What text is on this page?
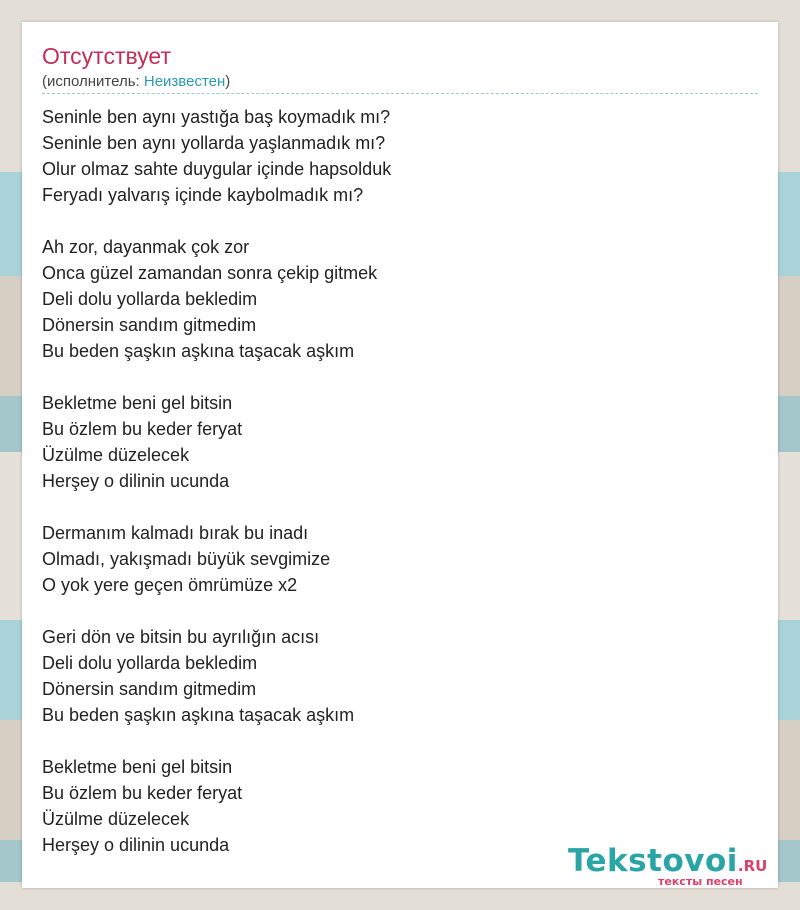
Отсутствует
(исполнитель: Неизвестен)
Seninle ben aynı yastığa baş koymadık mı?
Seninle ben aynı yollarda yaşlanmadık mı?
Olur olmaz sahte duygular içinde hapsolduk
Feryadı yalvarış içinde kaybolmadık mı?
Ah zor, dayanmak çok zor
Onca güzel zamandan sonra çekip gitmek
Deli dolu yollarda bekledim
Dönersin sandım gitmedim
Bu beden şaşkın aşkına taşacak aşkım
Bekletme beni gel bitsin
Bu özlem bu keder feryat
Üzülme düzelecek
Herşey o dilinin ucunda
Dermanım kalmadı bırak bu inadı
Olmadı, yakışmadı büyük sevgimize
O yok yere geçen ömrümüze x2
Geri dön ve bitsin bu ayrılığın acısı
Deli dolu yollarda bekledim
Dönersin sandım gitmedim
Bu beden şaşkın aşkına taşacak aşkım
Bekletme beni gel bitsin
Bu özlem bu keder feryat
Üzülme düzelecek
Herşey o dilinin ucunda	Tekstovoi.RU
тексты песен
